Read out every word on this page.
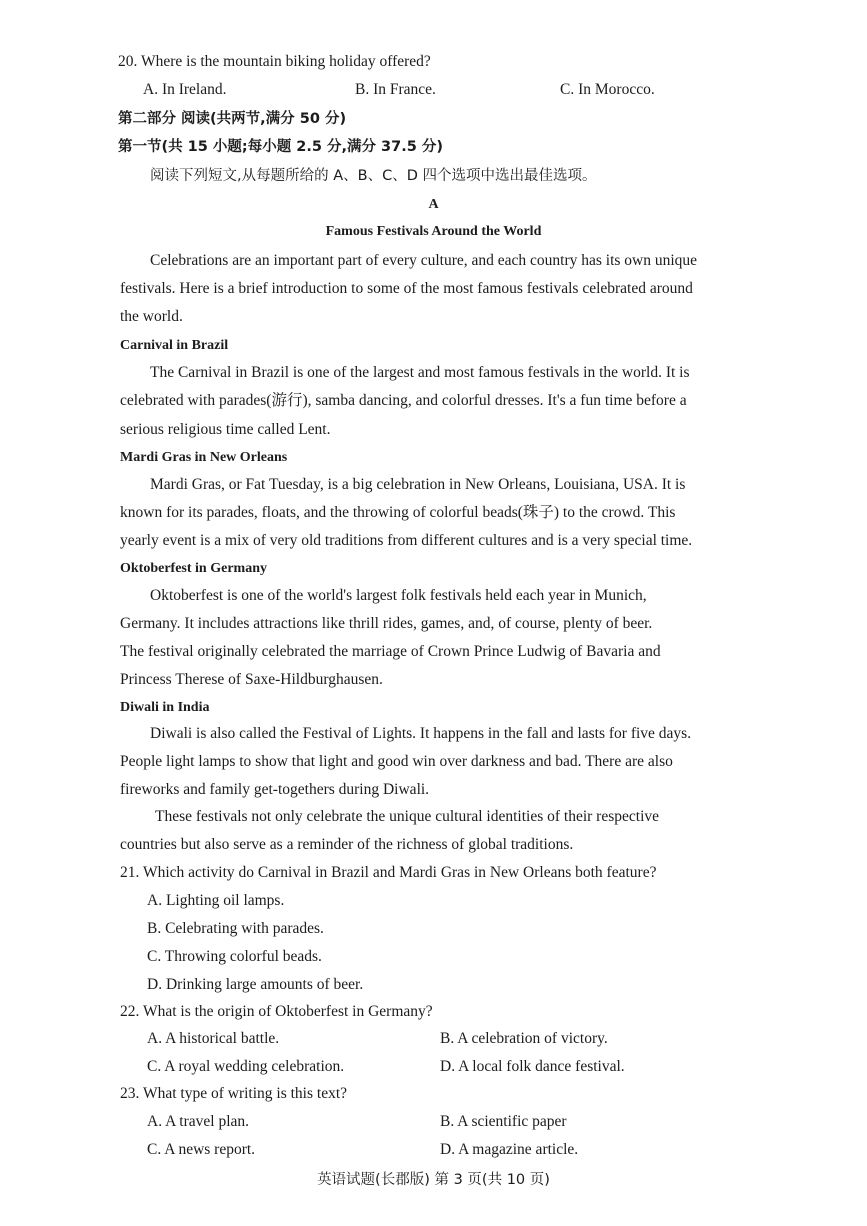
20. Where is the mountain biking holiday offered?
A. In Ireland.	B. In France.	C. In Morocco.
第二部分 阅读(共两节,满分 50 分)
第一节(共 15 小题;每小题 2.5 分,满分 37.5 分)
阅读下列短文,从每题所给的 A、B、C、D 四个选项中选出最佳选项。
A
Famous Festivals Around the World
Celebrations are an important part of every culture, and each country has its own unique
festivals. Here is a brief introduction to some of the most famous festivals celebrated around
the world.
Carnival in Brazil
The Carnival in Brazil is one of the largest and most famous festivals in the world. It is
celebrated with parades(游行), samba dancing, and colorful dresses. It's a fun time before a
serious religious time called Lent.
Mardi Gras in New Orleans
Mardi Gras, or Fat Tuesday, is a big celebration in New Orleans, Louisiana, USA. It is
known for its parades, floats, and the throwing of colorful beads(珠子) to the crowd. This
yearly event is a mix of very old traditions from different cultures and is a very special time.
Oktoberfest in Germany
Oktoberfest is one of the world's largest folk festivals held each year in Munich,
Germany. It includes attractions like thrill rides, games, and, of course, plenty of beer.
The festival originally celebrated the marriage of Crown Prince Ludwig of Bavaria and
Princess Therese of Saxe-Hildburghausen.
Diwali in India
Diwali is also called the Festival of Lights. It happens in the fall and lasts for five days.
People light lamps to show that light and good win over darkness and bad. There are also
fireworks and family get-togethers during Diwali.
These festivals not only celebrate the unique cultural identities of their respective
countries but also serve as a reminder of the richness of global traditions.
21. Which activity do Carnival in Brazil and Mardi Gras in New Orleans both feature?
A. Lighting oil lamps.
B. Celebrating with parades.
C. Throwing colorful beads.
D. Drinking large amounts of beer.
22. What is the origin of Oktoberfest in Germany?
A. A historical battle.	B. A celebration of victory.
C. A royal wedding celebration.	D. A local folk dance festival.
23. What type of writing is this text?
A. A travel plan.	B. A scientific paper
C. A news report.	D. A magazine article.
英语试题(长郡版) 第 3 页(共 10 页)
